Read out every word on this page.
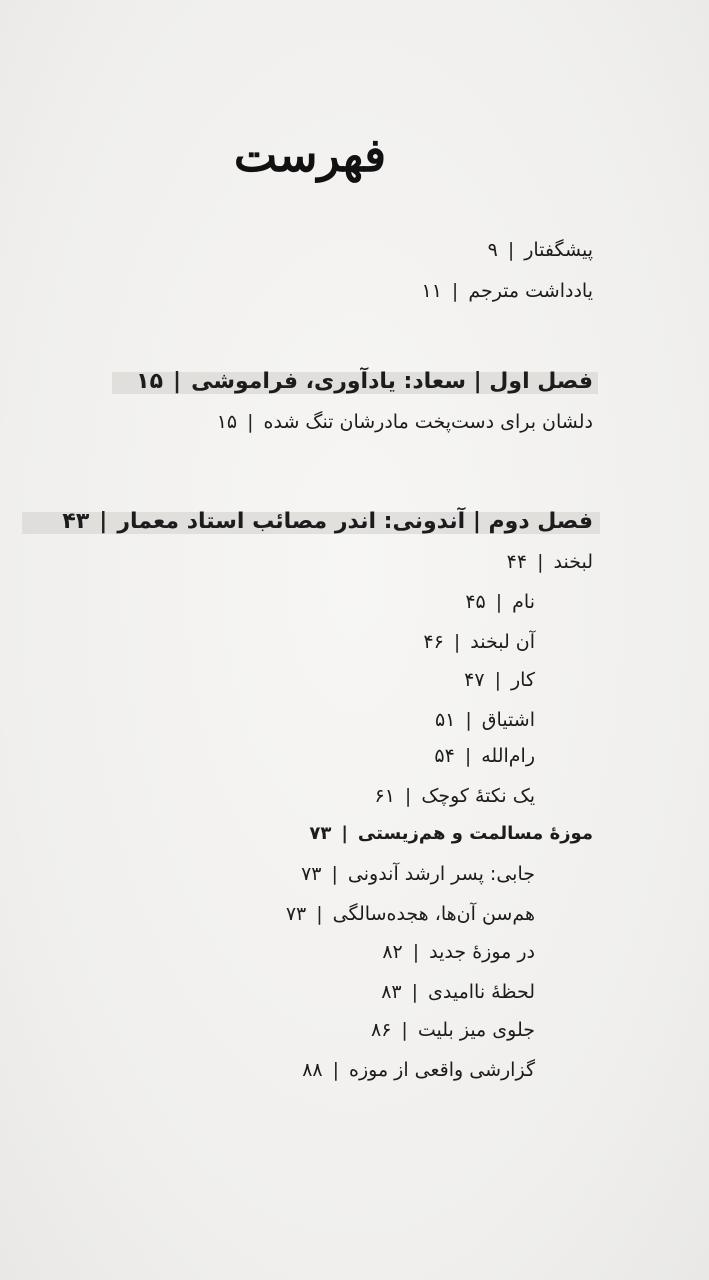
فهرست
پیشگفتار|۹
یادداشت مترجم|۱۱
فصل اول | سعاد: یادآوری، فراموشی|۱۵
دلشان برای دست‌پخت مادرشان تنگ شده|۱۵
فصل دوم | آندونی: اندر مصائب استاد معمار|۴۳
لبخند|۴۴
نام|۴۵
آن لبخند|۴۶
کار|۴۷
اشتیاق|۵۱
رام‌الله|۵۴
یک نکتهٔ کوچک|۶۱
موزهٔ مسالمت و هم‌زیستی|۷۳
جابی: پسر ارشد آندونی|۷۳
هم‌سن آن‌ها، هجده‌سالگی|۷۳
در موزهٔ جدید|۸۲
لحظهٔ ناامیدی|۸۳
جلوی میز بلیت|۸۶
گزارشی واقعی از موزه|۸۸
